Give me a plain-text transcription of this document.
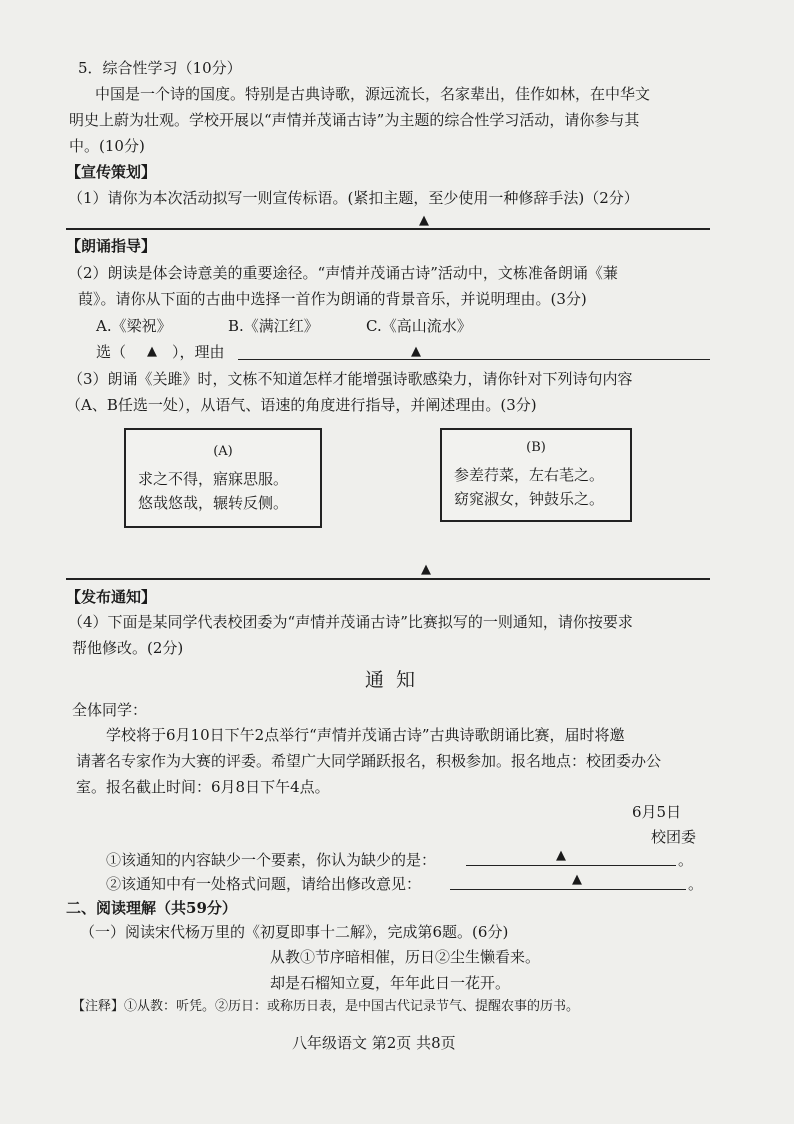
5．综合性学习（10分）
中国是一个诗的国度。特别是古典诗歌，源远流长，名家辈出，佳作如林，在中华文
明史上蔚为壮观。学校开展以“声情并茂诵古诗”为主题的综合性学习活动，请你参与其
中。(10分)
【宣传策划】
（1）请你为本次活动拟写一则宣传标语。(紧扣主题，至少使用一种修辞手法)（2分）
▲
【朗诵指导】
（2）朗读是体会诗意美的重要途径。“声情并茂诵古诗”活动中，文栋准备朗诵《蒹
葭》。请你从下面的古曲中选择一首作为朗诵的背景音乐，并说明理由。(3分)
A.《梁祝》	B.《满江红》	C.《高山流水》
选（ ▲ ），理由	▲
（3）朗诵《关雎》时，文栋不知道怎样才能增强诗歌感染力，请你针对下列诗句内容
（A、B任选一处），从语气、语速的角度进行指导，并阐述理由。(3分)
(A)
求之不得，寤寐思服。
悠哉悠哉，辗转反侧。
(B)
参差荇菜，左右芼之。
窈窕淑女，钟鼓乐之。
▲
【发布通知】
（4）下面是某同学代表校团委为“声情并茂诵古诗”比赛拟写的一则通知，请你按要求
帮他修改。(2分)
通知
全体同学：
学校将于6月10日下午2点举行“声情并茂诵古诗”古典诗歌朗诵比赛，届时将邀
请著名专家作为大赛的评委。希望广大同学踊跃报名，积极参加。报名地点：校团委办公
室。报名截止时间：6月8日下午4点。
6月5日
校团委
①该通知的内容缺少一个要素，你认为缺少的是：	▲	。
②该通知中有一处格式问题，请给出修改意见：	▲	。
二、阅读理解（共59分）
（一）阅读宋代杨万里的《初夏即事十二解》，完成第6题。(6分)
从教①节序暗相催，历日②尘生懒看来。
却是石榴知立夏，年年此日一花开。
【注释】①从教：听凭。②历日：或称历日表，是中国古代记录节气、提醒农事的历书。
八年级语文 第2页 共8页
